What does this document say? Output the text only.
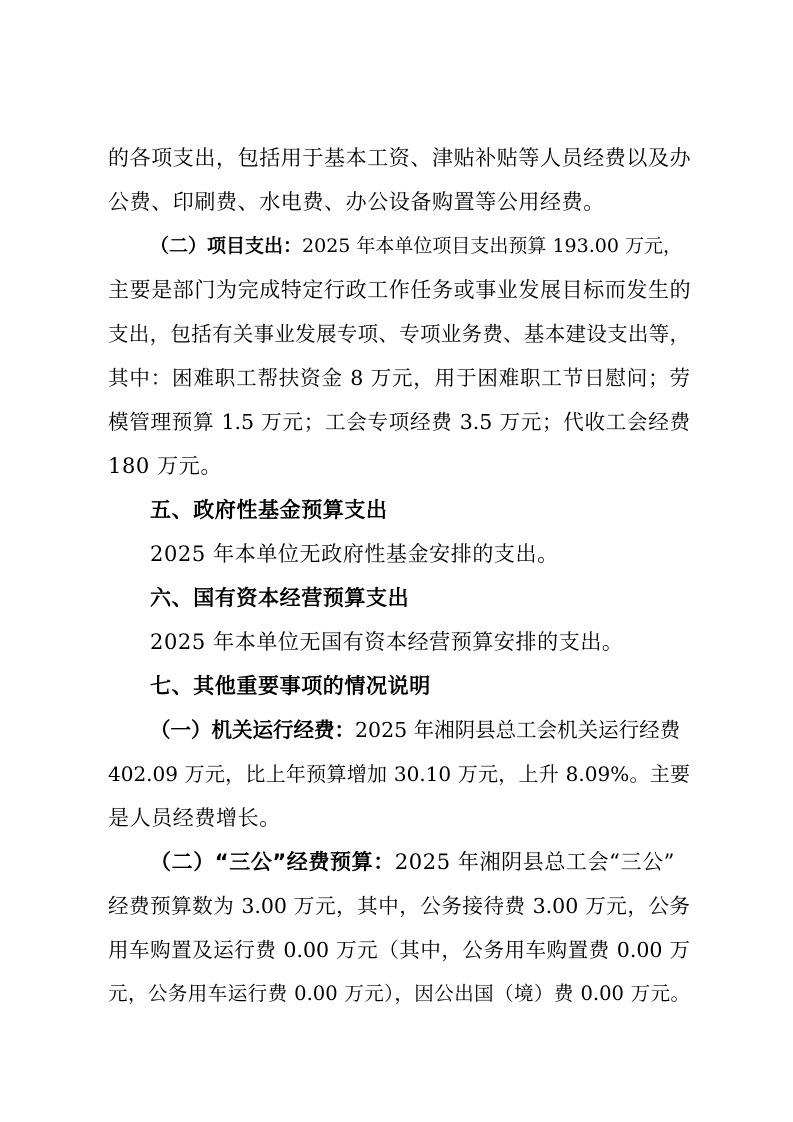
的各项支出，包括用于基本工资、津贴补贴等人员经费以及办
公费、印刷费、水电费、办公设备购置等公用经费。
（二）项目支出：2025 年本单位项目支出预算 193.00 万元，
主要是部门为完成特定行政工作任务或事业发展目标而发生的
支出，包括有关事业发展专项、专项业务费、基本建设支出等，
其中：困难职工帮扶资金 8 万元，用于困难职工节日慰问；劳
模管理预算 1.5 万元；工会专项经费 3.5 万元；代收工会经费
180 万元。
五、政府性基金预算支出
2025 年本单位无政府性基金安排的支出。
六、国有资本经营预算支出
2025 年本单位无国有资本经营预算安排的支出。
七、其他重要事项的情况说明
（一）机关运行经费：2025 年湘阴县总工会机关运行经费
402.09 万元，比上年预算增加 30.10 万元，上升 8.09%。主要
是人员经费增长。
（二）“三公”经费预算：2025 年湘阴县总工会“三公”
经费预算数为 3.00 万元，其中，公务接待费 3.00 万元，公务
用车购置及运行费 0.00 万元（其中，公务用车购置费 0.00 万
元，公务用车运行费 0.00 万元），因公出国（境）费 0.00 万元。
